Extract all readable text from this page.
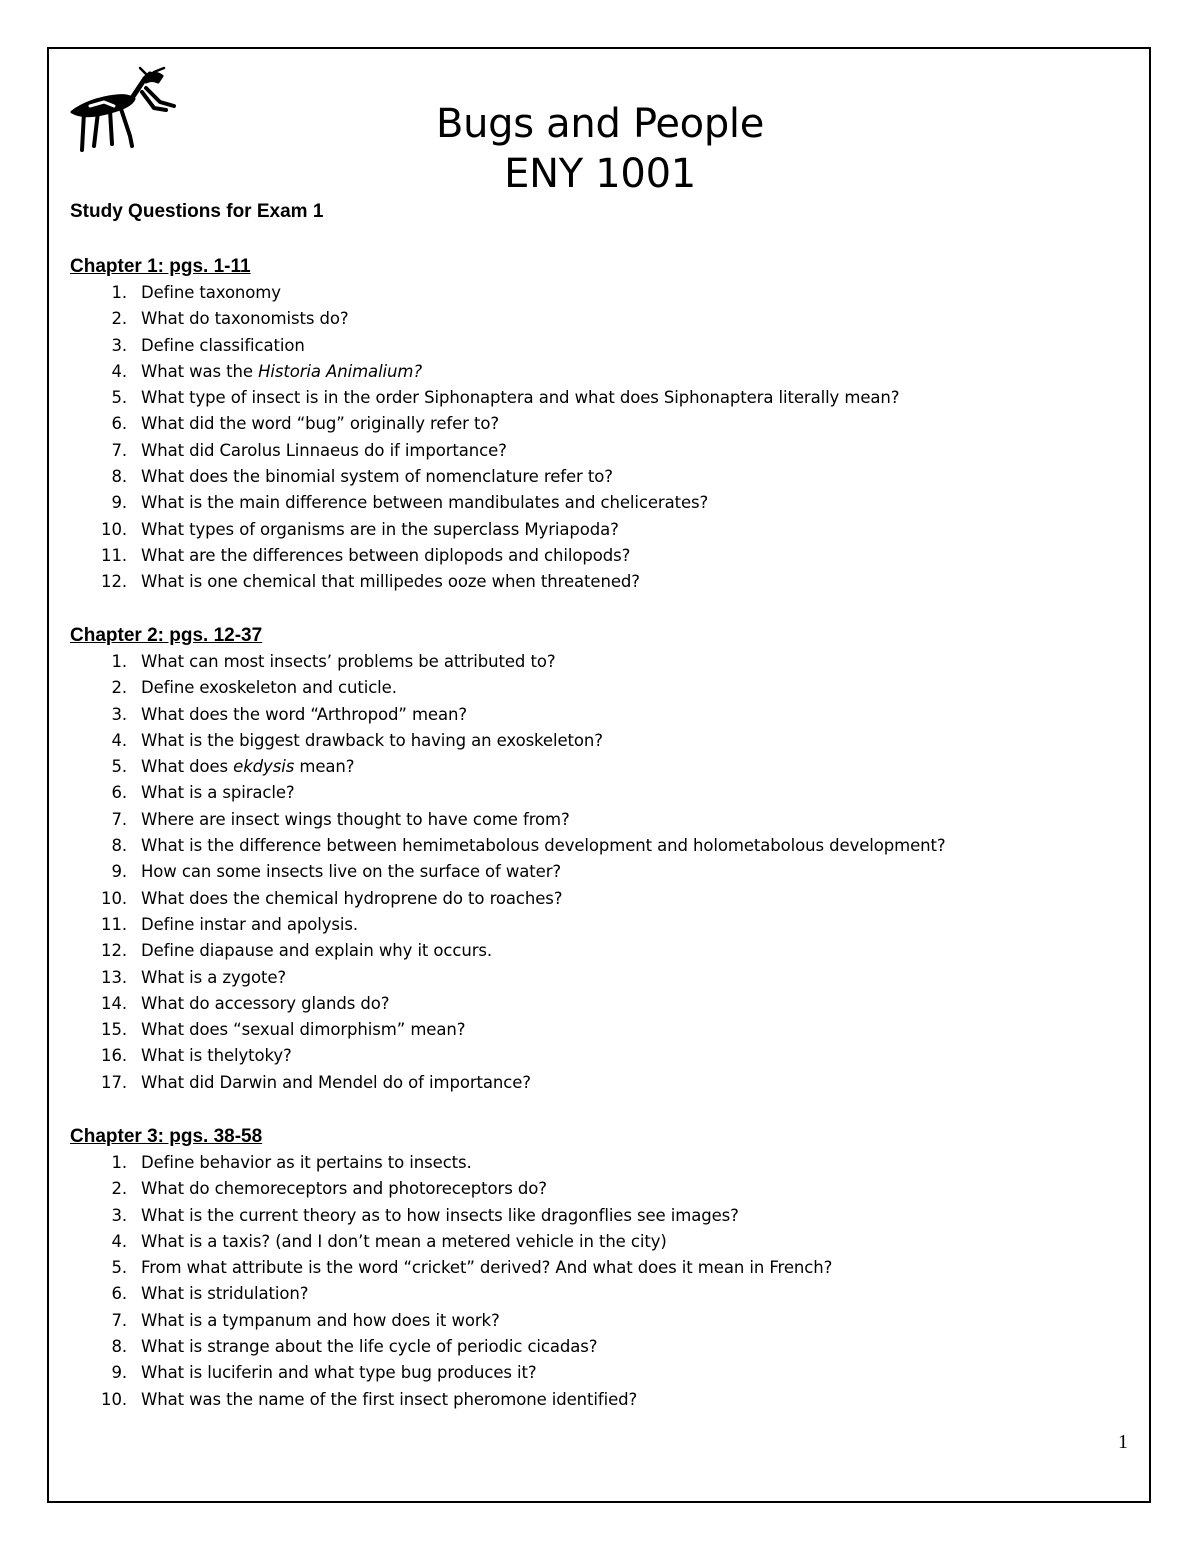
Bugs and People
ENY 1001
Study Questions for Exam 1
Chapter 1: pgs. 1-11
1. Define taxonomy
2. What do taxonomists do?
3. Define classification
4. What was the Historia Animalium?
5. What type of insect is in the order Siphonaptera and what does Siphonaptera literally mean?
6. What did the word “bug” originally refer to?
7. What did Carolus Linnaeus do if importance?
8. What does the binomial system of nomenclature refer to?
9. What is the main difference between mandibulates and chelicerates?
10. What types of organisms are in the superclass Myriapoda?
11. What are the differences between diplopods and chilopods?
12. What is one chemical that millipedes ooze when threatened?
Chapter 2: pgs. 12-37
1. What can most insects’ problems be attributed to?
2. Define exoskeleton and cuticle.
3. What does the word “Arthropod” mean?
4. What is the biggest drawback to having an exoskeleton?
5. What does ekdysis mean?
6. What is a spiracle?
7. Where are insect wings thought to have come from?
8. What is the difference between hemimetabolous development and holometabolous development?
9. How can some insects live on the surface of water?
10. What does the chemical hydroprene do to roaches?
11. Define instar and apolysis.
12. Define diapause and explain why it occurs.
13. What is a zygote?
14. What do accessory glands do?
15. What does “sexual dimorphism” mean?
16. What is thelytoky?
17. What did Darwin and Mendel do of importance?
Chapter 3: pgs. 38-58
1. Define behavior as it pertains to insects.
2. What do chemoreceptors and photoreceptors do?
3. What is the current theory as to how insects like dragonflies see images?
4. What is a taxis? (and I don’t mean a metered vehicle in the city)
5. From what attribute is the word “cricket” derived? And what does it mean in French?
6. What is stridulation?
7. What is a tympanum and how does it work?
8. What is strange about the life cycle of periodic cicadas?
9. What is luciferin and what type bug produces it?
10. What was the name of the first insect pheromone identified?
1
